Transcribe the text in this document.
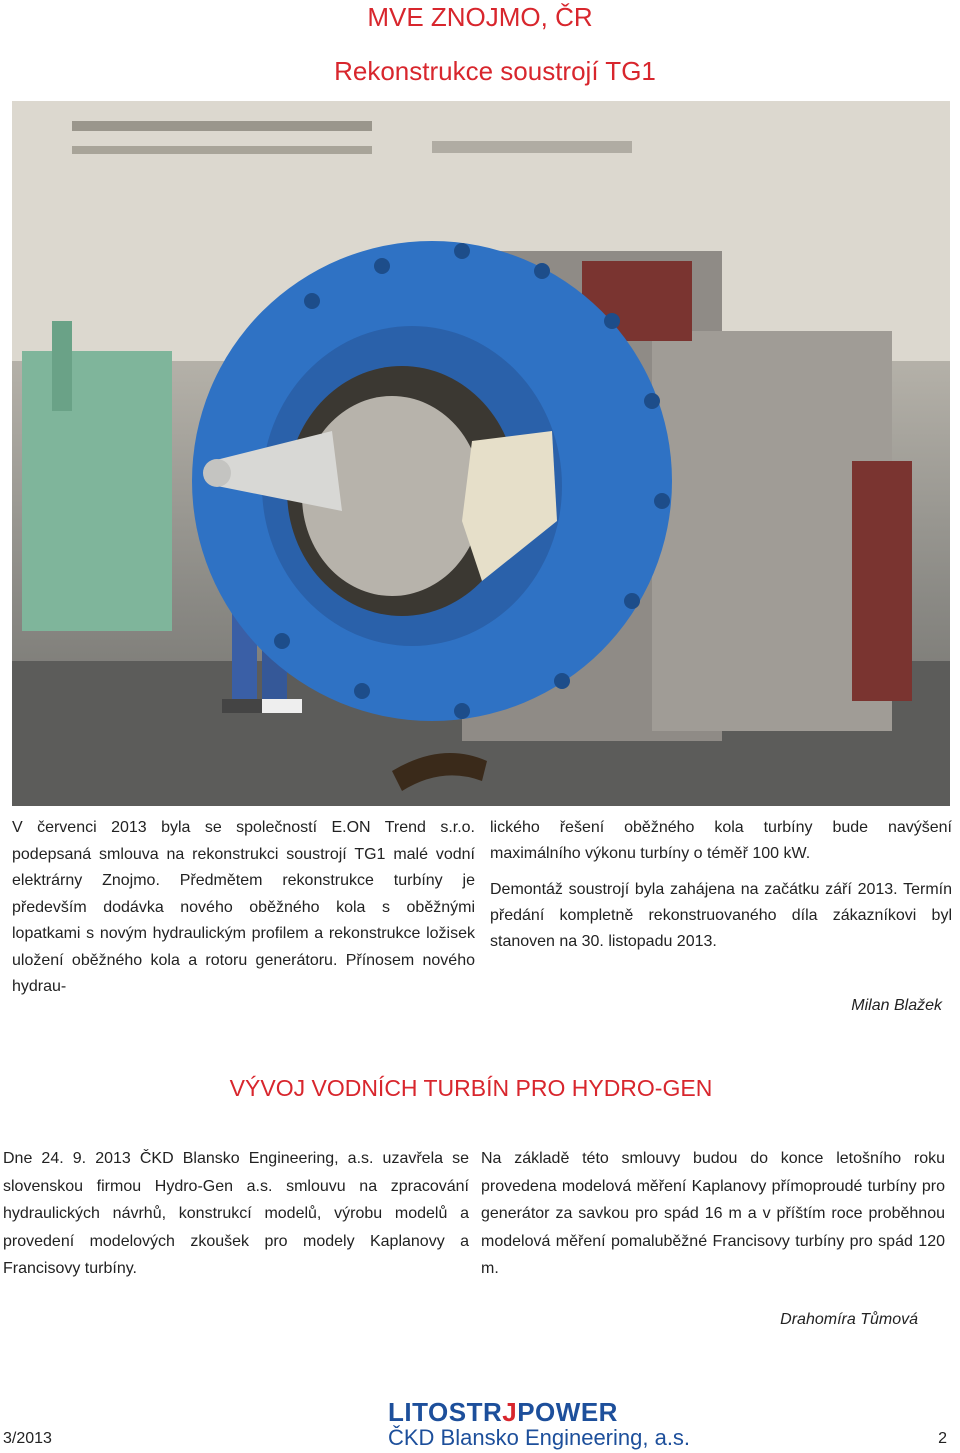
MVE ZNOJMO, ČR
Rekonstrukce soustrojí TG1

V červenci 2013 byla se společností E.ON Trend s.r.o. podepsaná smlouva na rekonstrukci soustrojí TG1 malé vodní elektrárny Znojmo. Předmětem rekonstrukce turbíny je především dodávka nového oběžného kola s oběžnými lopatkami s novým hydraulickým profilem a rekonstrukce ložisek uložení oběžného kola a rotoru generátoru. Přínosem nového hydrau-

lického řešení oběžného kola turbíny bude navýšení maximálního výkonu turbíny o téměř 100 kW.

Demontáž soustrojí byla zahájena na začátku září 2013. Termín předání kompletně rekonstruovaného díla zákazníkovi byl stanoven na 30. listopadu 2013.

Milan Blažek
VÝVOJ VODNÍCH TURBÍN PRO HYDRO-GEN

Dne 24. 9. 2013 ČKD Blansko Engineering, a.s. uzavřela se slovenskou firmou Hydro-Gen a.s. smlouvu na zpracování hydraulických návrhů, konstrukcí modelů, výrobu modelů a provedení modelových zkoušek pro modely Kaplanovy a Francisovy turbíny.

Na základě této smlouvy budou do konce letošního roku provedena modelová měření Kaplanovy přímoproudé turbíny pro generátor za savkou pro spád 16 m a v příštím roce proběhnou modelová měření pomaluběžné Francisovy turbíny pro spád 120 m.

Drahomíra Tůmová
3/2013
LITOSTRJPOWER
ČKD Blansko Engineering, a.s.	2
